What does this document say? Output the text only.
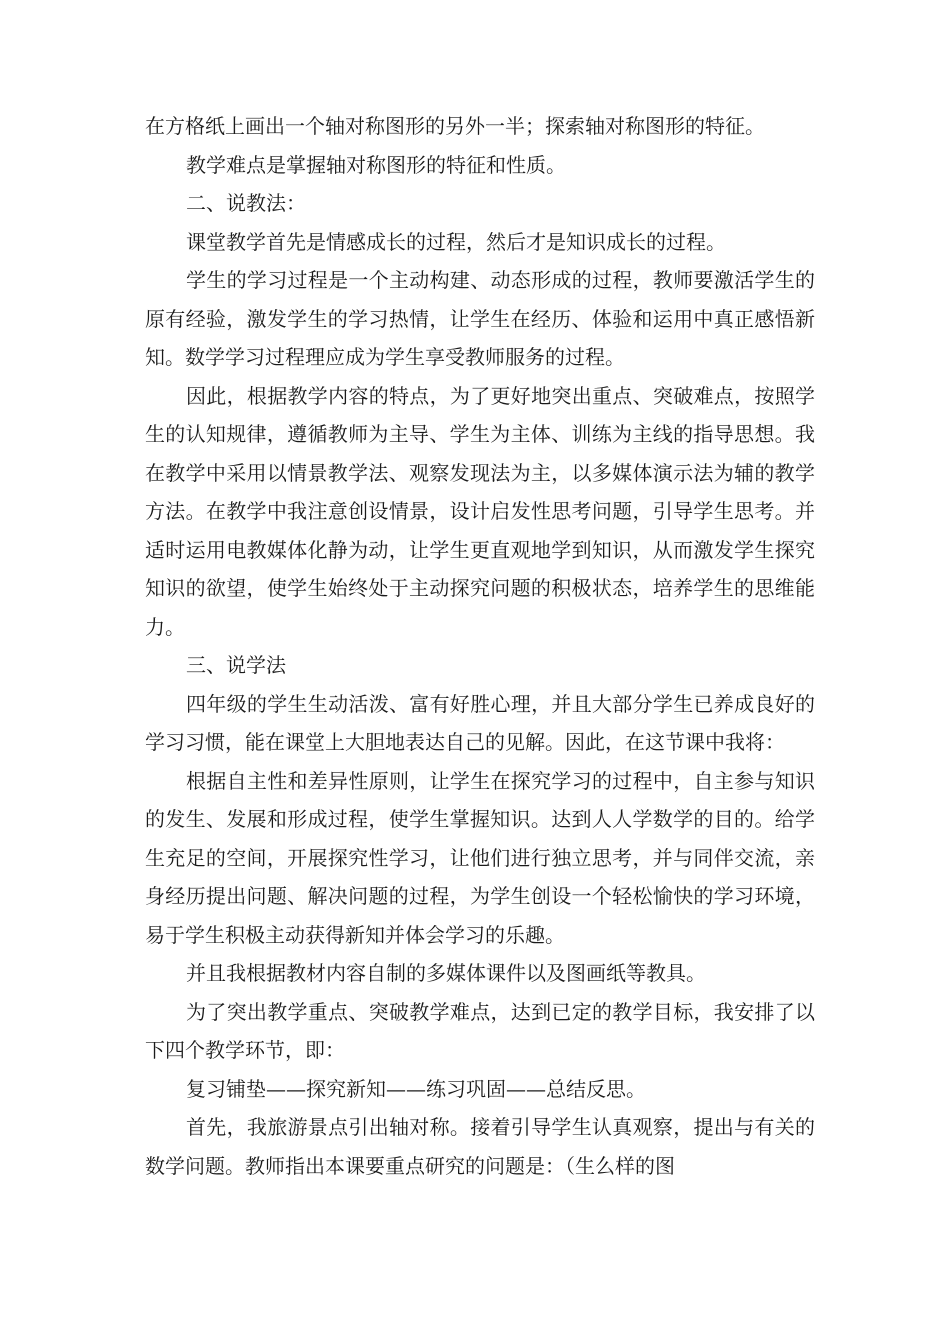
在方格纸上画出一个轴对称图形的另外一半；探索轴对称图形的特征。

教学难点是掌握轴对称图形的特征和性质。

二、说教法：

课堂教学首先是情感成长的过程，然后才是知识成长的过程。

学生的学习过程是一个主动构建、动态形成的过程，教师要激活学生的原有经验，激发学生的学习热情，让学生在经历、体验和运用中真正感悟新知。数学学习过程理应成为学生享受教师服务的过程。

因此，根据教学内容的特点，为了更好地突出重点、突破难点，按照学生的认知规律，遵循教师为主导、学生为主体、训练为主线的指导思想。我在教学中采用以情景教学法、观察发现法为主，以多媒体演示法为辅的教学方法。在教学中我注意创设情景，设计启发性思考问题，引导学生思考。并适时运用电教媒体化静为动，让学生更直观地学到知识，从而激发学生探究知识的欲望，使学生始终处于主动探究问题的积极状态，培养学生的思维能力。

三、说学法

四年级的学生生动活泼、富有好胜心理，并且大部分学生已养成良好的学习习惯，能在课堂上大胆地表达自己的见解。因此，在这节课中我将：

根据自主性和差异性原则，让学生在探究学习的过程中，自主参与知识的发生、发展和形成过程，使学生掌握知识。达到人人学数学的目的。给学生充足的空间，开展探究性学习，让他们进行独立思考，并与同伴交流，亲身经历提出问题、解决问题的过程，为学生创设一个轻松愉快的学习环境，易于学生积极主动获得新知并体会学习的乐趣。

并且我根据教材内容自制的多媒体课件以及图画纸等教具。

为了突出教学重点、突破教学难点，达到已定的教学目标，我安排了以下四个教学环节，即：

复习铺垫——探究新知——练习巩固——总结反思。

首先，我旅游景点引出轴对称。接着引导学生认真观察，提出与有关的数学问题。教师指出本课要重点研究的问题是：（生么样的图
